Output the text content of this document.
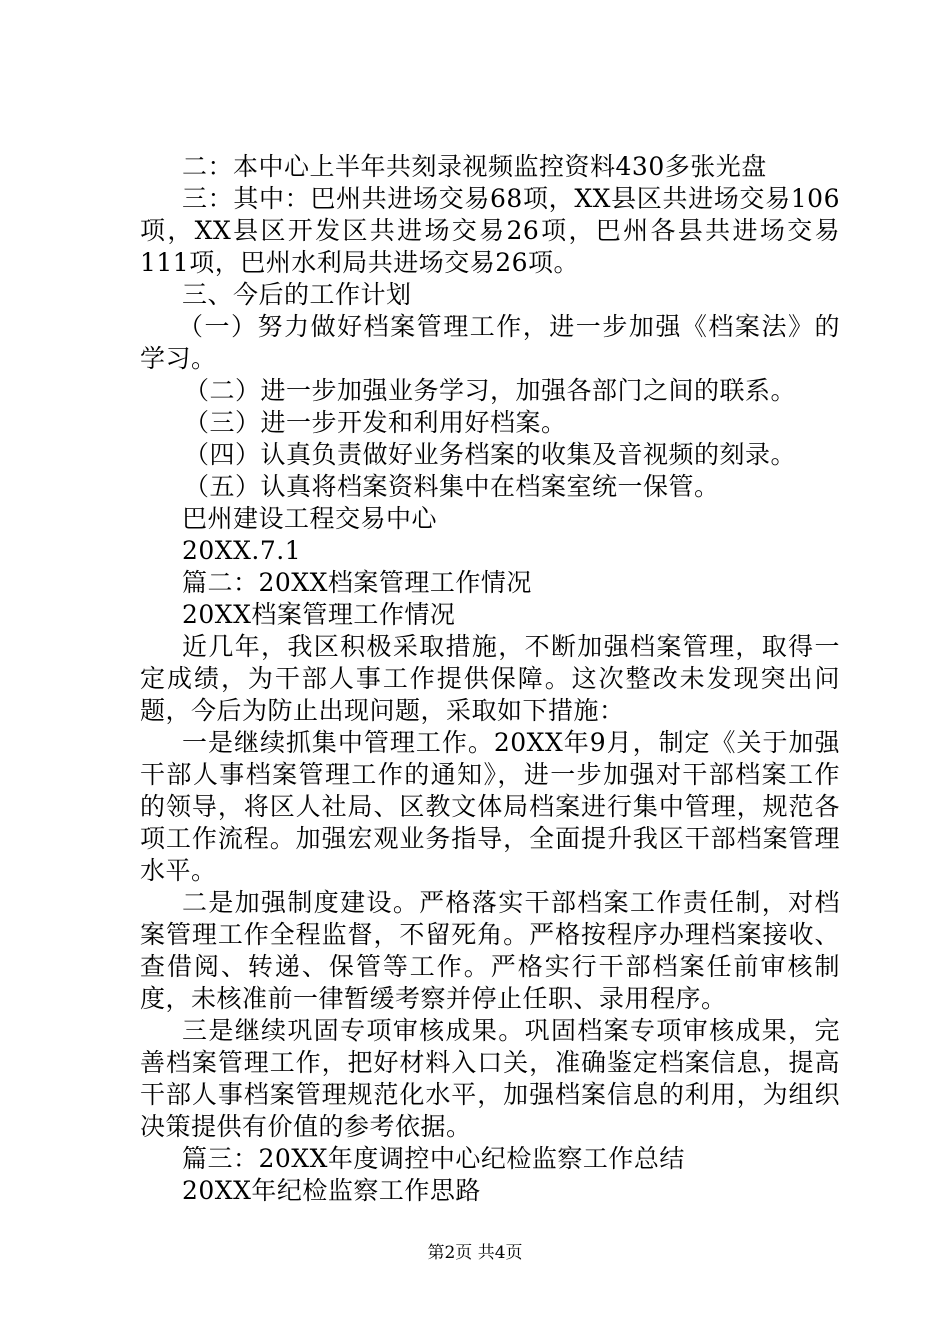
二：本中心上半年共刻录视频监控资料430多张光盘

三：其中：巴州共进场交易68项，XX县区共进场交易106项，XX县区开发区共进场交易26项，巴州各县共进场交易111项，巴州水利局共进场交易26项。

三、今后的工作计划

（一）努力做好档案管理工作，进一步加强《档案法》的学习。

（二）进一步加强业务学习，加强各部门之间的联系。

（三）进一步开发和利用好档案。

（四）认真负责做好业务档案的收集及音视频的刻录。

（五）认真将档案资料集中在档案室统一保管。

巴州建设工程交易中心

20XX.7.1

篇二：20XX档案管理工作情况

20XX档案管理工作情况

近几年，我区积极采取措施，不断加强档案管理，取得一定成绩，为干部人事工作提供保障。这次整改未发现突出问题，今后为防止出现问题，采取如下措施：

一是继续抓集中管理工作。20XX年9月，制定《关于加强干部人事档案管理工作的通知》，进一步加强对干部档案工作的领导，将区人社局、区教文体局档案进行集中管理，规范各项工作流程。加强宏观业务指导，全面提升我区干部档案管理水平。

二是加强制度建设。严格落实干部档案工作责任制，对档案管理工作全程监督，不留死角。严格按程序办理档案接收、查借阅、转递、保管等工作。严格实行干部档案任前审核制度，未核准前一律暂缓考察并停止任职、录用程序。

三是继续巩固专项审核成果。巩固档案专项审核成果，完善档案管理工作，把好材料入口关，准确鉴定档案信息，提高干部人事档案管理规范化水平，加强档案信息的利用，为组织决策提供有价值的参考依据。

篇三：20XX年度调控中心纪检监察工作总结

20XX年纪检监察工作思路

第2页 共4页
